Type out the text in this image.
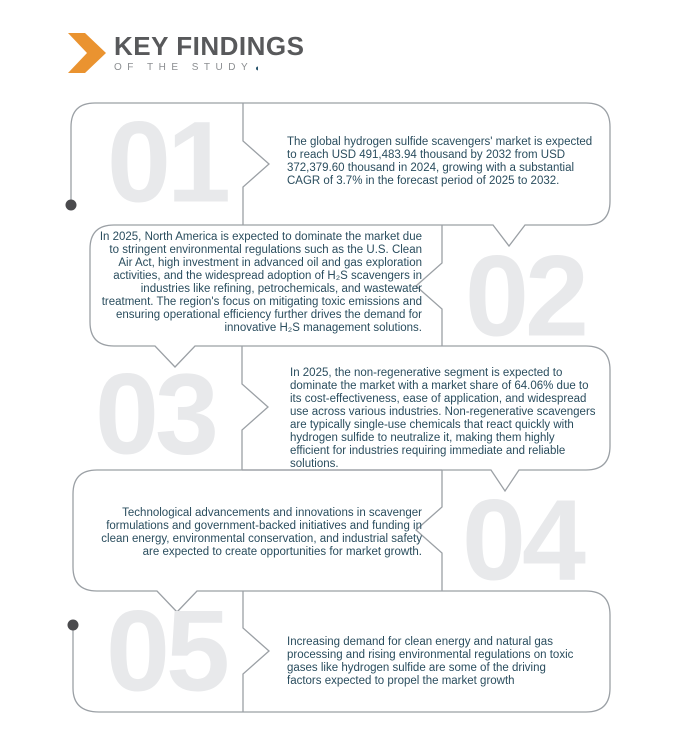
KEY FINDINGS
OF THE STUDY ◖
01	The global hydrogen sulfide scavengers' market is expected to reach USD 491,483.94 thousand by 2032 from USD 372,379.60 thousand in 2024, growing with a substantial CAGR of 3.7% in the forecast period of 2025 to 2032.

02

In 2025, North America is expected to dominate the market due to stringent environmental regulations such as the U.S. Clean Air Act, high investment in advanced oil and gas exploration activities, and the widespread adoption of H₂S scavengers in industries like refining, petrochemicals, and wastewater treatment. The region's focus on mitigating toxic emissions and ensuring operational efficiency further drives the demand for innovative H₂S management solutions.

03	In 2025, the non-regenerative segment is expected to dominate the market with a market share of 64.06% due to its cost-effectiveness, ease of application, and widespread use across various industries. Non-regenerative scavengers are typically single-use chemicals that react quickly with hydrogen sulfide to neutralize it, making them highly efficient for industries requiring immediate and reliable solutions.

04

Technological advancements and innovations in scavenger formulations and government-backed initiatives and funding in clean energy, environmental conservation, and industrial safety are expected to create opportunities for market growth.

05	Increasing demand for clean energy and natural gas processing and rising environmental regulations on toxic gases like hydrogen sulfide are some of the driving factors expected to propel the market growth
